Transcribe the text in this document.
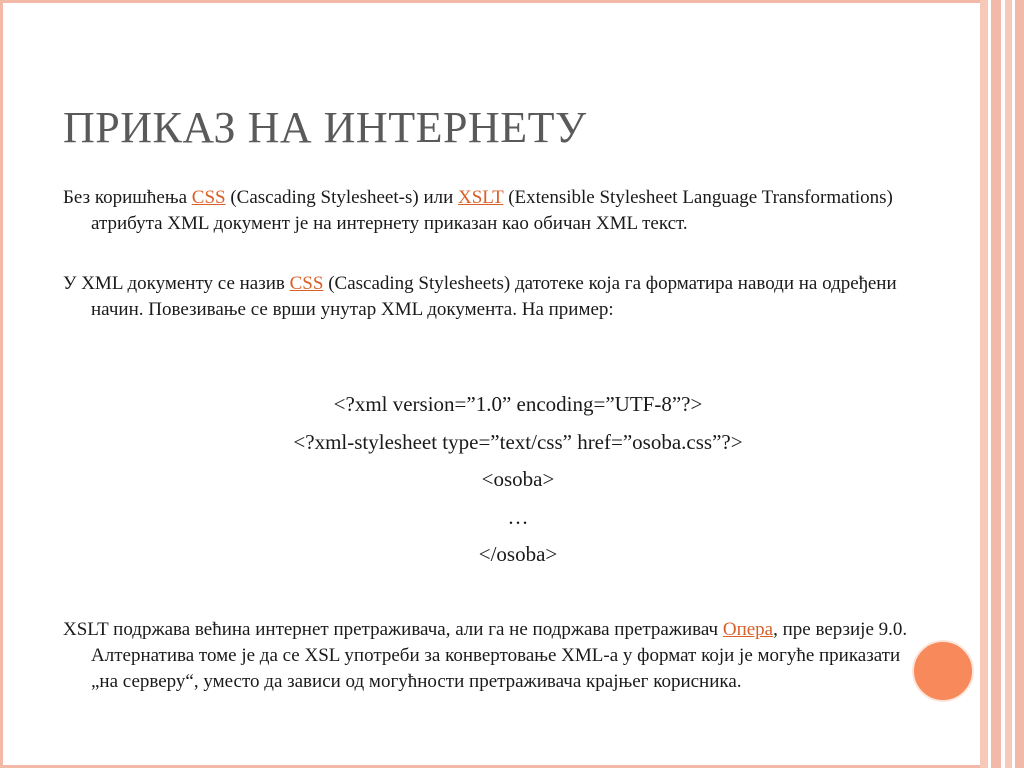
ПРИКАЗ НА ИНТЕРНЕТУ

Без коришћења CSS (Cascading Stylesheet-s) или XSLT (Extensible Stylesheet Language Transformations) атрибута XML документ је на интернету приказан као обичан XML текст.

У XML документу се назив CSS (Cascading Stylesheets) датотеке која га форматира наводи на одређени начин. Повезивање се врши унутар XML документа. На пример:

<?xml version=”1.0” encoding=”UTF-8”?>

<?xml-stylesheet type=”text/css” href=”osoba.css”?>

<osoba>

…

</osoba>

XSLT подржава већина интернет претраживача, али га не подржава претраживач Опера, пре верзије 9.0. Алтернатива томе је да се XSL употреби за конвертовање XML-а у формат који је могуће приказати „на серверу“, уместо да зависи од могућности претраживача крајњег корисника.
